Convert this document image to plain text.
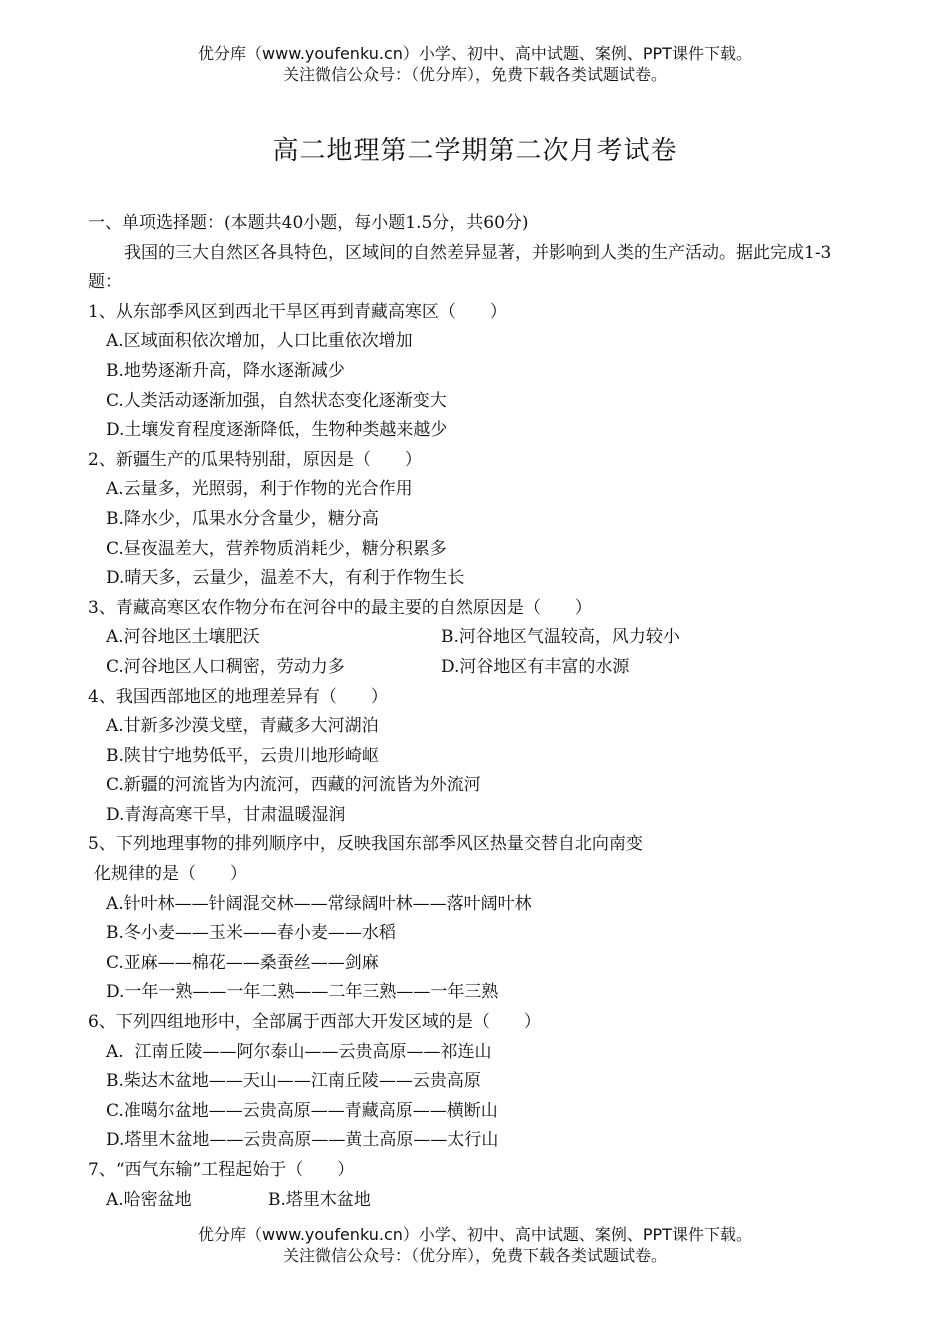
优分库（www.youfenku.cn）小学、初中、高中试题、案例、PPT课件下载。
关注微信公众号：（优分库），免费下载各类试题试卷。
高二地理第二学期第二次月考试卷
一、单项选择题：(本题共40小题，每小题1.5分，共60分)
我国的三大自然区各具特色，区域间的自然差异显著，并影响到人类的生产活动。据此完成1-3题：
1、从东部季风区到西北干旱区再到青藏高寒区（　　）
A.区域面积依次增加，人口比重依次增加
B.地势逐渐升高，降水逐渐减少
C.人类活动逐渐加强，自然状态变化逐渐变大
D.土壤发育程度逐渐降低，生物种类越来越少
2、新疆生产的瓜果特别甜，原因是（　　）
A.云量多，光照弱，利于作物的光合作用
B.降水少，瓜果水分含量少，糖分高
C.昼夜温差大，营养物质消耗少，糖分积累多
D.晴天多，云量少，温差不大，有利于作物生长
3、青藏高寒区农作物分布在河谷中的最主要的自然原因是（　　）
A.河谷地区土壤肥沃	B.河谷地区气温较高，风力较小
C.河谷地区人口稠密，劳动力多	D.河谷地区有丰富的水源
4、我国西部地区的地理差异有（　　）
A.甘新多沙漠戈壁，青藏多大河湖泊
B.陕甘宁地势低平，云贵川地形崎岖
C.新疆的河流皆为内流河，西藏的河流皆为外流河
D.青海高寒干旱，甘肃温暖湿润
5、下列地理事物的排列顺序中，反映我国东部季风区热量交替自北向南变
化规律的是（　　）
A.针叶林——针阔混交林——常绿阔叶林——落叶阔叶林
B.冬小麦——玉米——春小麦——水稻
C.亚麻——棉花——桑蚕丝——剑麻
D.一年一熟——一年二熟——二年三熟——一年三熟
6、下列四组地形中，全部属于西部大开发区域的是（　　）
A.  江南丘陵——阿尔泰山——云贵高原——祁连山
B.柴达木盆地——天山——江南丘陵——云贵高原
C.准噶尔盆地——云贵高原——青藏高原——横断山
D.塔里木盆地——云贵高原——黄土高原——太行山
7、“西气东输”工程起始于（　　）
A.哈密盆地	B.塔里木盆地
优分库（www.youfenku.cn）小学、初中、高中试题、案例、PPT课件下载。
关注微信公众号：（优分库），免费下载各类试题试卷。
